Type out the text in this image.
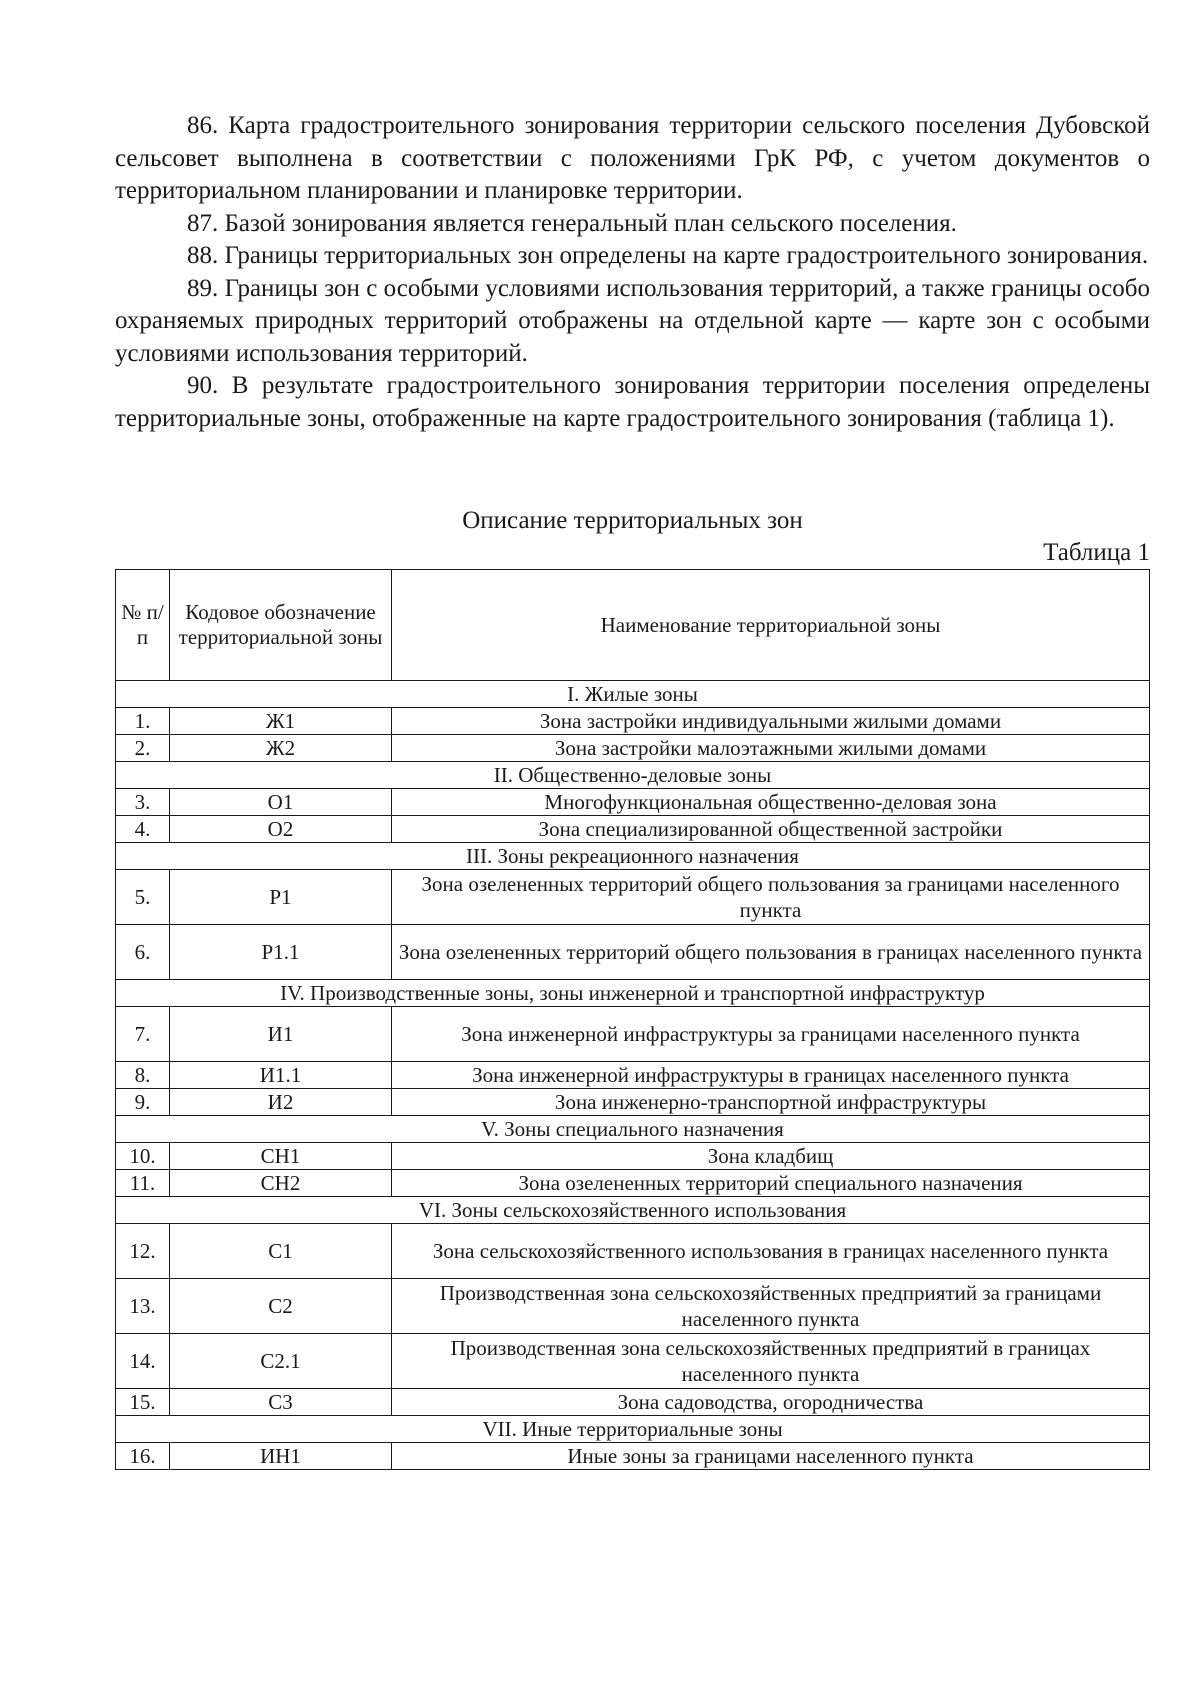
86. Карта градостроительного зонирования территории сельского поселения Дубовской сельсовет выполнена в соответствии с положениями ГрК РФ, с учетом документов о территориальном планировании и планировке территории.

87. Базой зонирования является генеральный план сельского поселения.

88. Границы территориальных зон определены на карте градостроительного зонирования.

89. Границы зон с особыми условиями использования территорий, а также границы особо охраняемых природных территорий отображены на отдельной карте — карте зон с особыми условиями использования территорий.

90. В результате градостроительного зонирования территории поселения определены территориальные зоны, отображенные на карте градостроительного зонирования (таблица 1).

Описание территориальных зон
Таблица 1
№ п/п	Кодовое обозначение территориальной зоны	Наименование территориальной зоны
I. Жилые зоны		
1.	Ж1	Зона застройки индивидуальными жилыми домами
2.	Ж2	Зона застройки малоэтажными жилыми домами
II. Общественно-деловые зоны		
3.	О1	Многофункциональная общественно-деловая зона
4.	О2	Зона специализированной общественной застройки
III. Зоны рекреационного назначения		
5.	Р1	Зона озелененных территорий общего пользования за границами населенного пункта
6.	Р1.1	Зона озелененных территорий общего пользования в границах населенного пункта
IV. Производственные зоны, зоны инженерной и транспортной инфраструктур		
7.	И1	Зона инженерной инфраструктуры за границами населенного пункта
8.	И1.1	Зона инженерной инфраструктуры в границах населенного пункта
9.	И2	Зона инженерно-транспортной инфраструктуры
V. Зоны специального назначения		
10.	СН1	Зона кладбищ
11.	СН2	Зона озелененных территорий специального назначения
VI. Зоны сельскохозяйственного использования		
12.	С1	Зона сельскохозяйственного использования в границах населенного пункта
13.	С2	Производственная зона сельскохозяйственных предприятий за границами населенного пункта
14.	С2.1	Производственная зона сельскохозяйственных предприятий в границах населенного пункта
15.	С3	Зона садоводства, огородничества
VII. Иные территориальные зоны		
16.	ИН1	Иные зоны за границами населенного пункта
